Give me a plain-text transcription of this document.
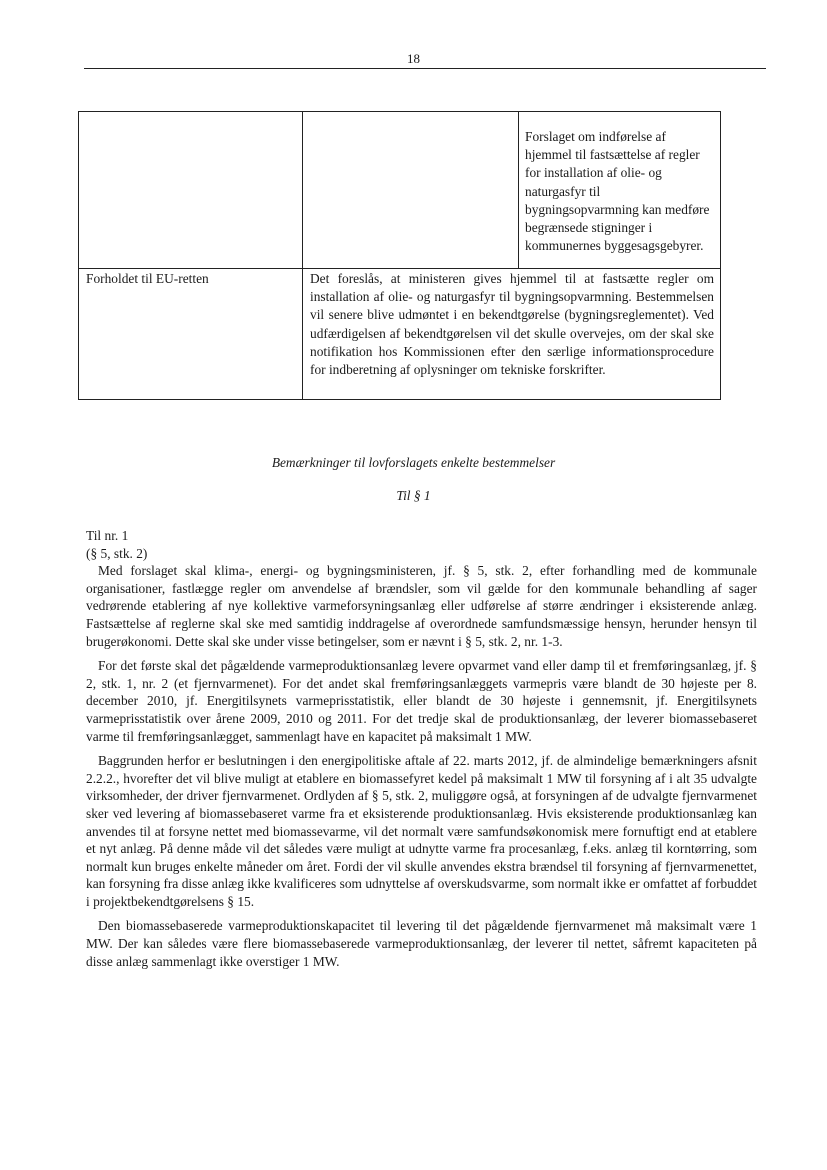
18

		Forslaget om indførelse af hjemmel til fastsættelse af regler for installation af olie- og naturgasfyr til bygningsopvarmning kan medføre begrænsede stigninger i kommunernes byggesagsgebyrer.

Forholdet til EU-retten	Det foreslås, at ministeren gives hjemmel til at fastsætte regler om installation af olie- og naturgasfyr til bygningsopvarmning. Bestemmelsen vil senere blive udmøntet i en bekendtgørelse (bygningsreglementet). Ved udfærdigelsen af bekendtgørelsen vil det skulle overvejes, om der skal ske notifikation hos Kommissionen efter den særlige informationsprocedure for indberetning af oplysninger om tekniske forskrifter.	
Bemærkninger til lovforslagets enkelte bestemmelser
Til § 1

Til nr. 1

(§ 5, stk. 2)

Med forslaget skal klima-, energi- og bygningsministeren, jf. § 5, stk. 2, efter forhandling med de kommunale organisationer, fastlægge regler om anvendelse af brændsler, som vil gælde for den kommunale behandling af sager vedrørende etablering af nye kollektive varmeforsyningsanlæg eller udførelse af større ændringer i eksisterende anlæg. Fastsættelse af reglerne skal ske med samtidig inddragelse af overordnede samfundsmæssige hensyn, herunder hensyn til brugerøkonomi. Dette skal ske under visse betingelser, som er nævnt i § 5, stk. 2, nr. 1-3.

For det første skal det pågældende varmeproduktionsanlæg levere opvarmet vand eller damp til et fremføringsanlæg, jf. § 2, stk. 1, nr. 2 (et fjernvarmenet). For det andet skal fremføringsanlæggets varmepris være blandt de 30 højeste per 8. december 2010, jf. Energitilsynets varmeprisstatistik, eller blandt de 30 højeste i gennemsnit, jf. Energitilsynets varmeprisstatistik over årene 2009, 2010 og 2011. For det tredje skal de produktionsanlæg, der leverer biomassebaseret varme til fremføringsanlægget, sammenlagt have en kapacitet på maksimalt 1 MW.

Baggrunden herfor er beslutningen i den energipolitiske aftale af 22. marts 2012, jf. de almindelige bemærkningers afsnit 2.2.2., hvorefter det vil blive muligt at etablere en biomassefyret kedel på maksimalt 1 MW til forsyning af i alt 35 udvalgte virksomheder, der driver fjernvarmenet. Ordlyden af § 5, stk. 2, muliggøre også, at forsyningen af de udvalgte fjernvarmenet sker ved levering af biomassebaseret varme fra et eksisterende produktionsanlæg. Hvis eksisterende produktionsanlæg kan anvendes til at forsyne nettet med biomassevarme, vil det normalt være samfundsøkonomisk mere fornuftigt end at etablere et nyt anlæg. På denne måde vil det således være muligt at udnytte varme fra procesanlæg, f.eks. anlæg til korntørring, som normalt kun bruges enkelte måneder om året. Fordi der vil skulle anvendes ekstra brændsel til forsyning af fjernvarmenettet, kan forsyning fra disse anlæg ikke kvalificeres som udnyttelse af overskudsvarme, som normalt ikke er omfattet af forbuddet i projektbekendtgørelsens § 15.

Den biomassebaserede varmeproduktionskapacitet til levering til det pågældende fjernvarmenet må maksimalt være 1 MW. Der kan således være flere biomassebaserede varmeproduktionsanlæg, der leverer til nettet, såfremt kapaciteten på disse anlæg sammenlagt ikke overstiger 1 MW.
